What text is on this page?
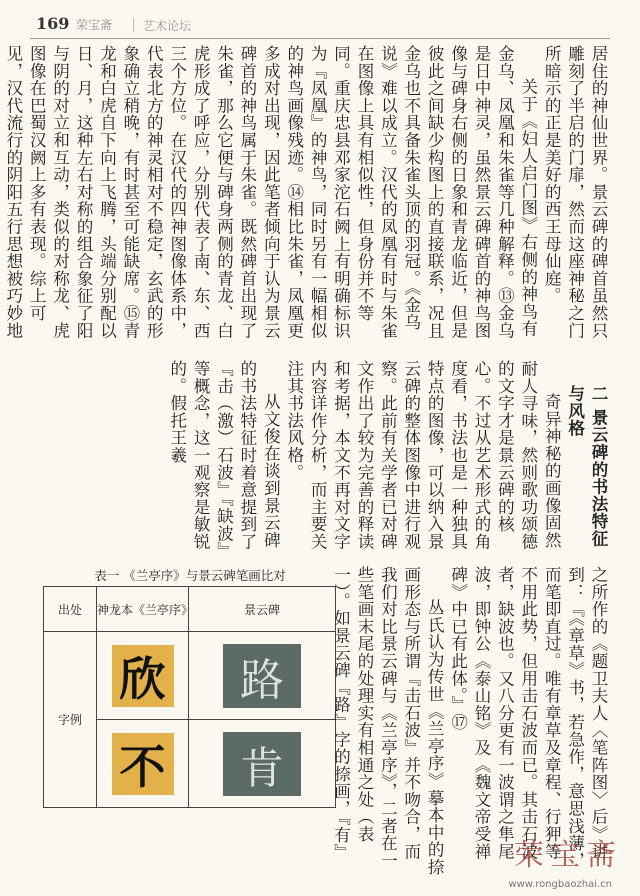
169 荣宝斋	艺术论坛

居住的神仙世界。景云碑的碑首虽然只雕刻了半启的门扉，然而这座神秘之门所暗示的正是美好的西王母仙庭。

关于《妇人启门图》右侧的神鸟有金乌、凤凰和朱雀等几种解释。⑬金乌是日中神灵，虽然景云碑碑首的神鸟图像与碑身右侧的日象和青龙临近，但是彼此之间缺少构图上的直接联系，况且金乌也不具备朱雀头顶的羽冠。《金乌说》难以成立。汉代的凤凰有时与朱雀在图像上具有相似性，但身份并不等同。重庆忠县邓家沱石阙上有明确标识为『凤凰』的神鸟，同时另有一幅相似的神鸟画像残迹。⑭相比朱雀，凤凰更多成对出现，因此笔者倾向于认为景云碑首的神鸟属于朱雀。既然碑首出现了朱雀，那么它便与碑身两侧的青龙、白虎形成了呼应，分别代表了南、东、西三个方位。在汉代的四神图像体系中，代表北方的神灵相对不稳定，玄武的形象确立稍晚，有时甚至可能缺席。⑮青龙和白虎自下向上飞腾，头端分别配以日、月，这种左右对称的组合象征了阳与阴的对立和互动，类似的对称龙、虎图像在巴蜀汉阙上多有表现。综上可见，汉代流行的阴阳五行思想被巧妙地

二 景云碑的书法特征与风格

奇异神秘的画像固然耐人寻味，然则歌功颂德的文字才是景云碑的核心。不过从艺术形式的角度看，书法也是一种独具特点的图像，可以纳入景云碑的整体图像中进行观察。此前有关学者已对碑文作出了较为完善的释读和考据，本文不再对文字内容详作分析，而主要关注其书法风格。

从文俊在谈到景云碑的书法特征时着意提到了『击（激）石波』『缺波』等概念，这一观察是敏锐的。假托王羲

表一 《兰亭序》与景云碑笔画比对
出处	神龙本《兰亭序》	景云碑
字例	欣	路

不	肯	之所作的《题卫夫人〈笔阵图〉后》讲到：『《章草》书，若急作，意思浅薄，而笔即直过。唯有章草及章程、行狎等不用此势，但用击石波而已。其击石波者，缺波也。又八分更有一波谓之隼尾波，即钟公《泰山铭》及《魏文帝受禅碑》中已有此体。』⑰

丛氏认为传世《兰亭序》摹本中的捺画形态与所谓『击石波』并不吻合，而我们对比景云碑与《兰亭序》，二者在一些笔画末尾的处理实有相通之处（表一）。如景云碑『路』字的捺画，『有』	荣宝斋
www.rongbaozhai.cn
